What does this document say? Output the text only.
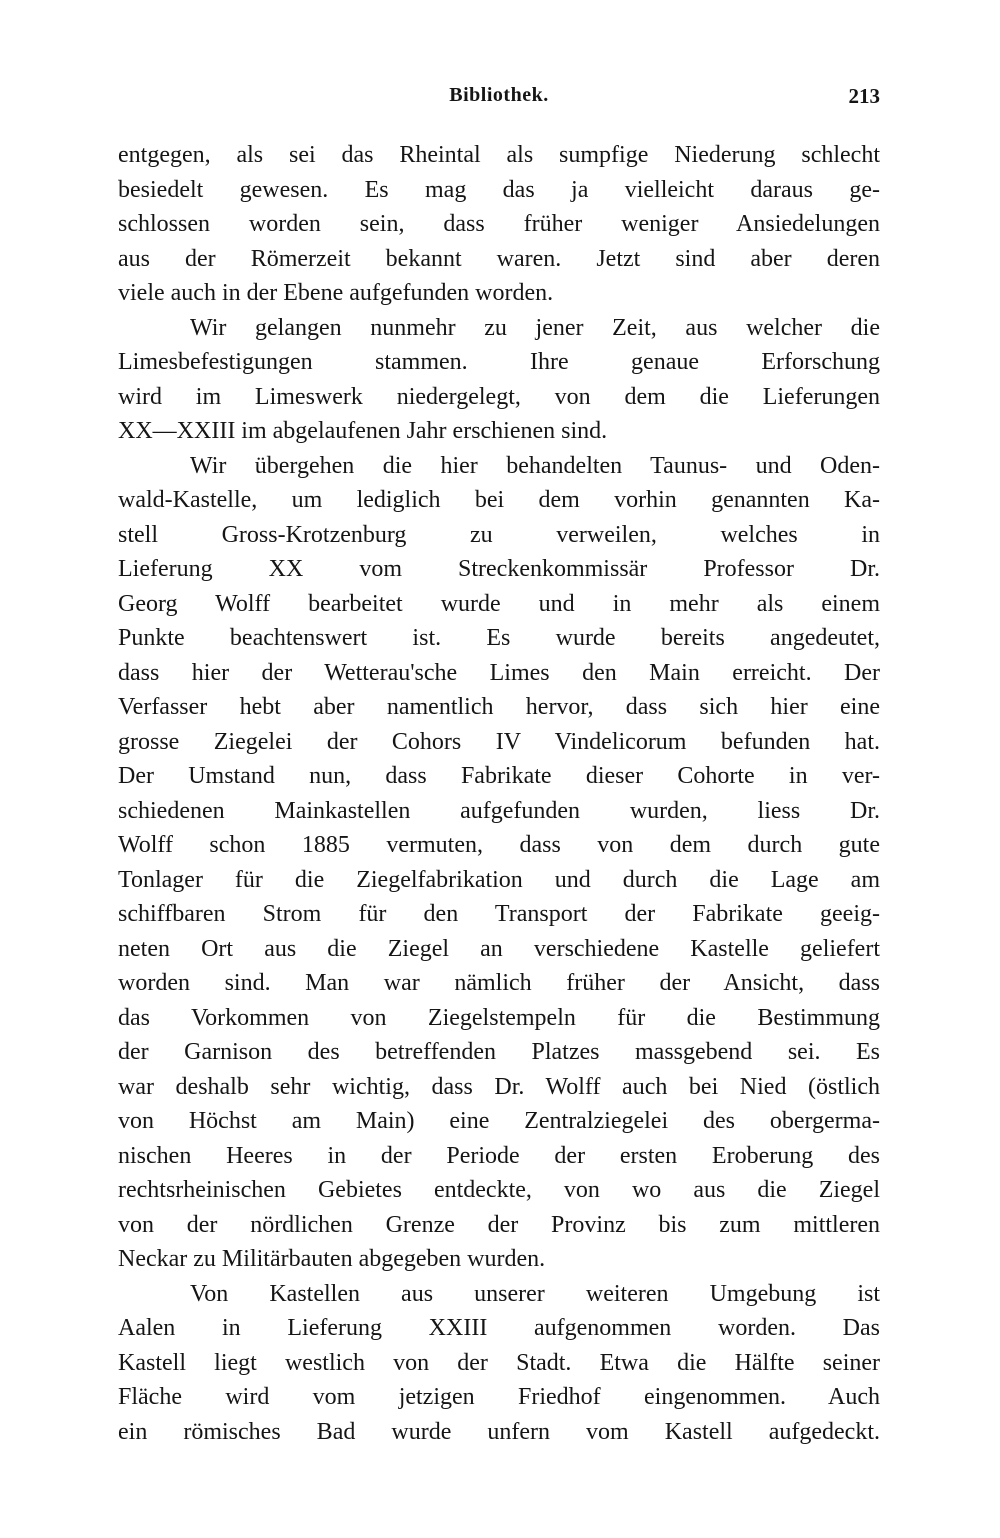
Bibliothek.	213
entgegen, als sei das Rheintal als sumpfige Niederung schlecht
besiedelt gewesen. Es mag das ja vielleicht daraus ge-
schlossen worden sein, dass früher weniger Ansiedelungen
aus der Römerzeit bekannt waren. Jetzt sind aber deren
viele auch in der Ebene aufgefunden worden.
Wir gelangen nunmehr zu jener Zeit, aus welcher die
Limesbefestigungen stammen. Ihre genaue Erforschung
wird im Limeswerk niedergelegt, von dem die Lieferungen
XX—XXIII im abgelaufenen Jahr erschienen sind.
Wir übergehen die hier behandelten Taunus- und Oden-
wald-Kastelle, um lediglich bei dem vorhin genannten Ka-
stell Gross-Krotzenburg zu verweilen, welches in
Lieferung XX vom Streckenkommissär Professor Dr.
Georg Wolff bearbeitet wurde und in mehr als einem
Punkte beachtenswert ist. Es wurde bereits angedeutet,
dass hier der Wetterau'sche Limes den Main erreicht. Der
Verfasser hebt aber namentlich hervor, dass sich hier eine
grosse Ziegelei der Cohors IV Vindelicorum befunden hat.
Der Umstand nun, dass Fabrikate dieser Cohorte in ver-
schiedenen Mainkastellen aufgefunden wurden, liess Dr.
Wolff schon 1885 vermuten, dass von dem durch gute
Tonlager für die Ziegelfabrikation und durch die Lage am
schiffbaren Strom für den Transport der Fabrikate geeig-
neten Ort aus die Ziegel an verschiedene Kastelle geliefert
worden sind. Man war nämlich früher der Ansicht, dass
das Vorkommen von Ziegelstempeln für die Bestimmung
der Garnison des betreffenden Platzes massgebend sei. Es
war deshalb sehr wichtig, dass Dr. Wolff auch bei Nied (östlich
von Höchst am Main) eine Zentralziegelei des obergerma-
nischen Heeres in der Periode der ersten Eroberung des
rechtsrheinischen Gebietes entdeckte, von wo aus die Ziegel
von der nördlichen Grenze der Provinz bis zum mittleren
Neckar zu Militärbauten abgegeben wurden.
Von Kastellen aus unserer weiteren Umgebung ist
Aalen in Lieferung XXIII aufgenommen worden. Das
Kastell liegt westlich von der Stadt. Etwa die Hälfte seiner
Fläche wird vom jetzigen Friedhof eingenommen. Auch
ein römisches Bad wurde unfern vom Kastell aufgedeckt.
